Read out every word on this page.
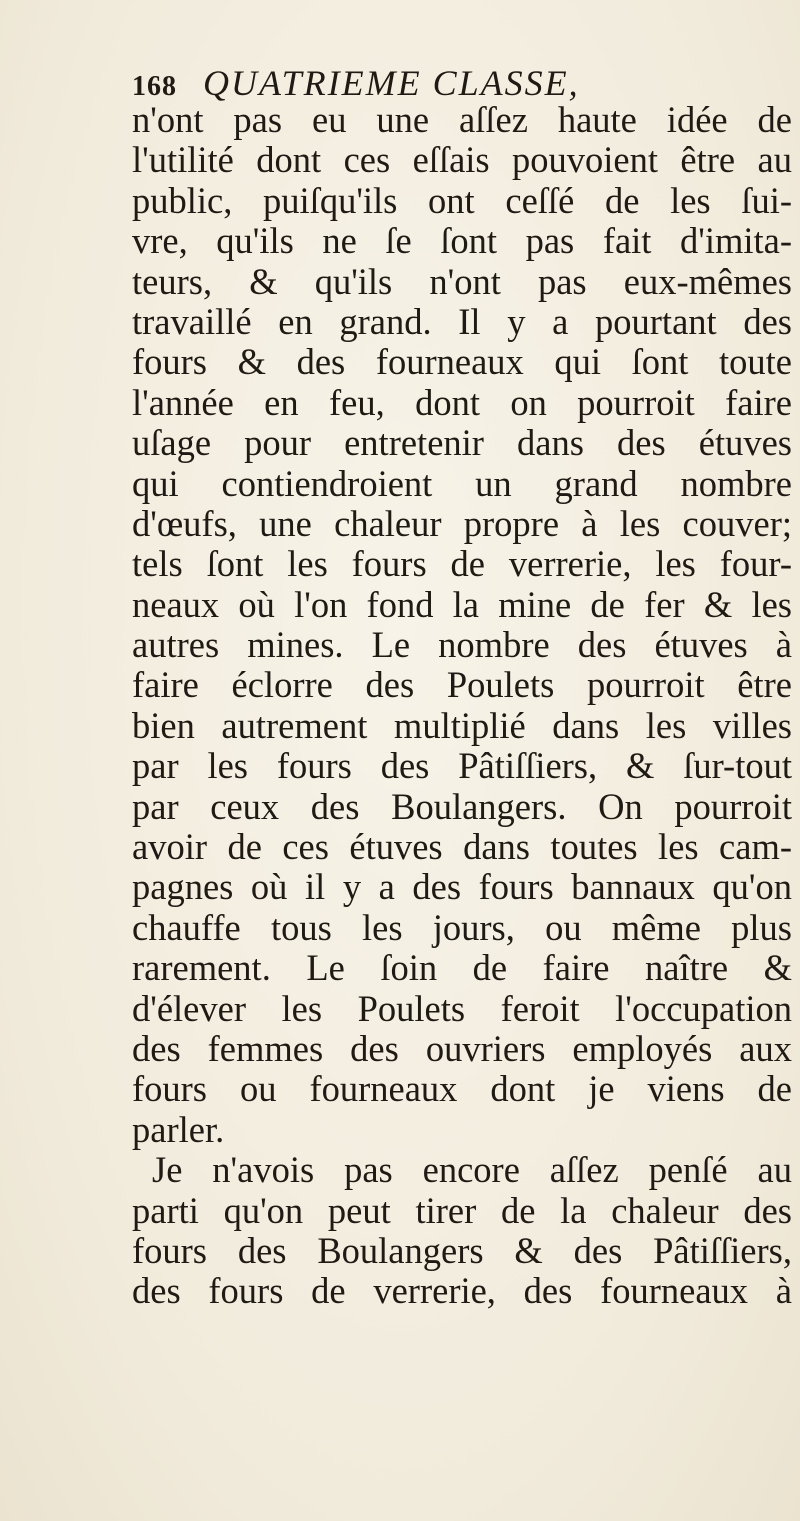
168 QUATRIEME CLASSE,
n'ont pas eu une aſſez haute idée de
l'utilité dont ces eſſais pouvoient être au
public, puiſqu'ils ont ceſſé de les ſui-
vre, qu'ils ne ſe ſont pas fait d'imita-
teurs, & qu'ils n'ont pas eux-mêmes
travaillé en grand. Il y a pourtant des
fours & des fourneaux qui ſont toute
l'année en feu, dont on pourroit faire
uſage pour entretenir dans des étuves
qui contiendroient un grand nombre
d'œufs, une chaleur propre à les couver;
tels ſont les fours de verrerie, les four-
neaux où l'on fond la mine de fer & les
autres mines. Le nombre des étuves à
faire éclorre des Poulets pourroit être
bien autrement multiplié dans les villes
par les fours des Pâtiſſiers, & ſur-tout
par ceux des Boulangers. On pourroit
avoir de ces étuves dans toutes les cam-
pagnes où il y a des fours bannaux qu'on
chauffe tous les jours, ou même plus
rarement. Le ſoin de faire naître &
d'élever les Poulets feroit l'occupation
des femmes des ouvriers employés aux
fours ou fourneaux dont je viens de
parler.
Je n'avois pas encore aſſez penſé au
parti qu'on peut tirer de la chaleur des
fours des Boulangers & des Pâtiſſiers,
des fours de verrerie, des fourneaux à
